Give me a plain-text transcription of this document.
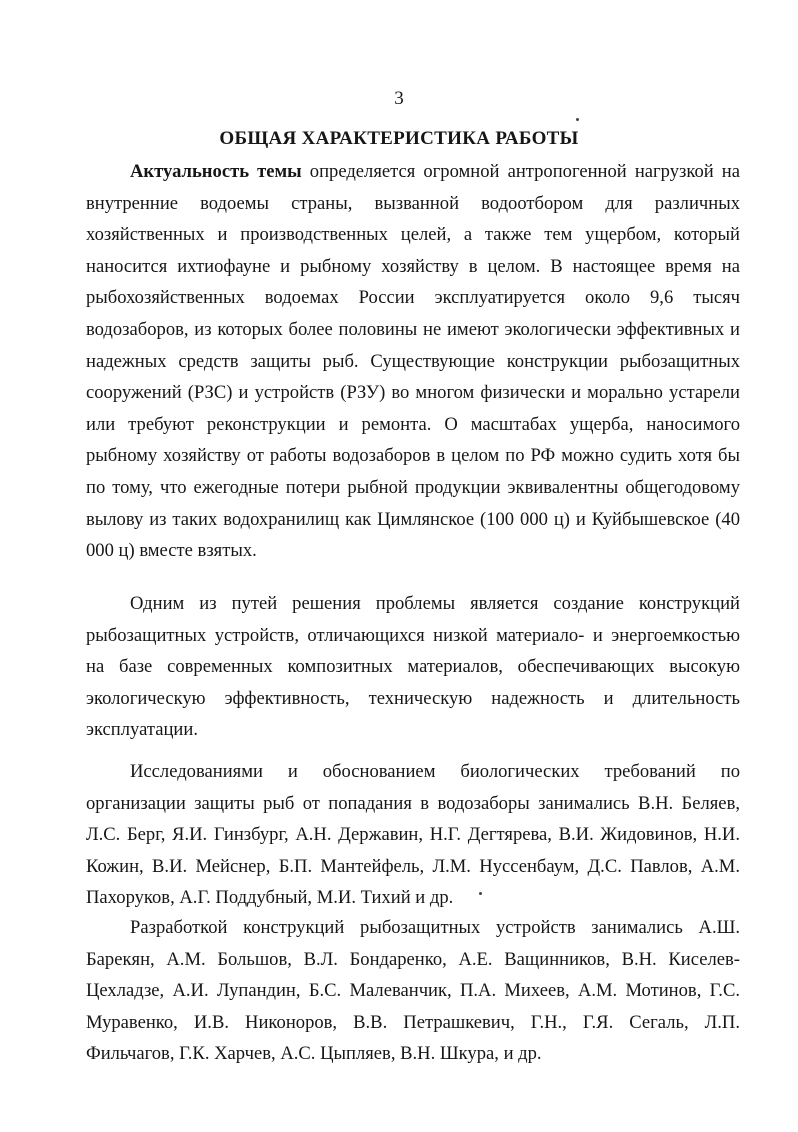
3
ОБЩАЯ ХАРАКТЕРИСТИКА РАБОТЫ

Актуальность темы определяется огромной антропогенной нагрузкой на внутренние водоемы страны, вызванной водоотбором для различных хозяйственных и производственных целей, а также тем ущербом, который наносится ихтиофауне и рыбному хозяйству в целом. В настоящее время на рыбохозяйственных водоемах России эксплуатируется около 9,6 тысяч водозаборов, из которых более половины не имеют экологически эффективных и надежных средств защиты рыб. Существующие конструкции рыбозащитных сооружений (РЗС) и устройств (РЗУ) во многом физически и морально устарели или требуют реконструкции и ремонта. О масштабах ущерба, наносимого рыбному хозяйству от работы водозаборов в целом по РФ можно судить хотя бы по тому, что ежегодные потери рыбной продукции эквивалентны общегодовому вылову из таких водохранилищ как Цимлянское (100 000 ц) и Куйбышевское (40 000 ц) вместе взятых.

Одним из путей решения проблемы является создание конструкций рыбозащитных устройств, отличающихся низкой материало- и энергоемкостью на базе современных композитных материалов, обеспечивающих высокую экологическую эффективность, техническую надежность и длительность эксплуатации.

Исследованиями и обоснованием биологических требований по организации защиты рыб от попадания в водозаборы занимались В.Н. Беляев, Л.С. Берг, Я.И. Гинзбург, А.Н. Державин, Н.Г. Дегтярева, В.И. Жидовинов, Н.И. Кожин, В.И. Мейснер, Б.П. Мантейфель, Л.М. Нуссенбаум, Д.С. Павлов, А.М. Пахоруков, А.Г. Поддубный, М.И. Тихий и др.

Разработкой конструкций рыбозащитных устройств занимались А.Ш. Барекян, А.М. Большов, В.Л. Бондаренко, А.Е. Ващинников, В.Н. Киселев-Цехладзе, А.И. Лупандин, Б.С. Малеванчик, П.А. Михеев, А.М. Мотинов, Г.С. Муравенко, И.В. Никоноров, В.В. Петрашкевич, Г.Н., Г.Я. Сегаль, Л.П. Фильчагов, Г.К. Харчев, А.С. Цыпляев, В.Н. Шкура, и др.
